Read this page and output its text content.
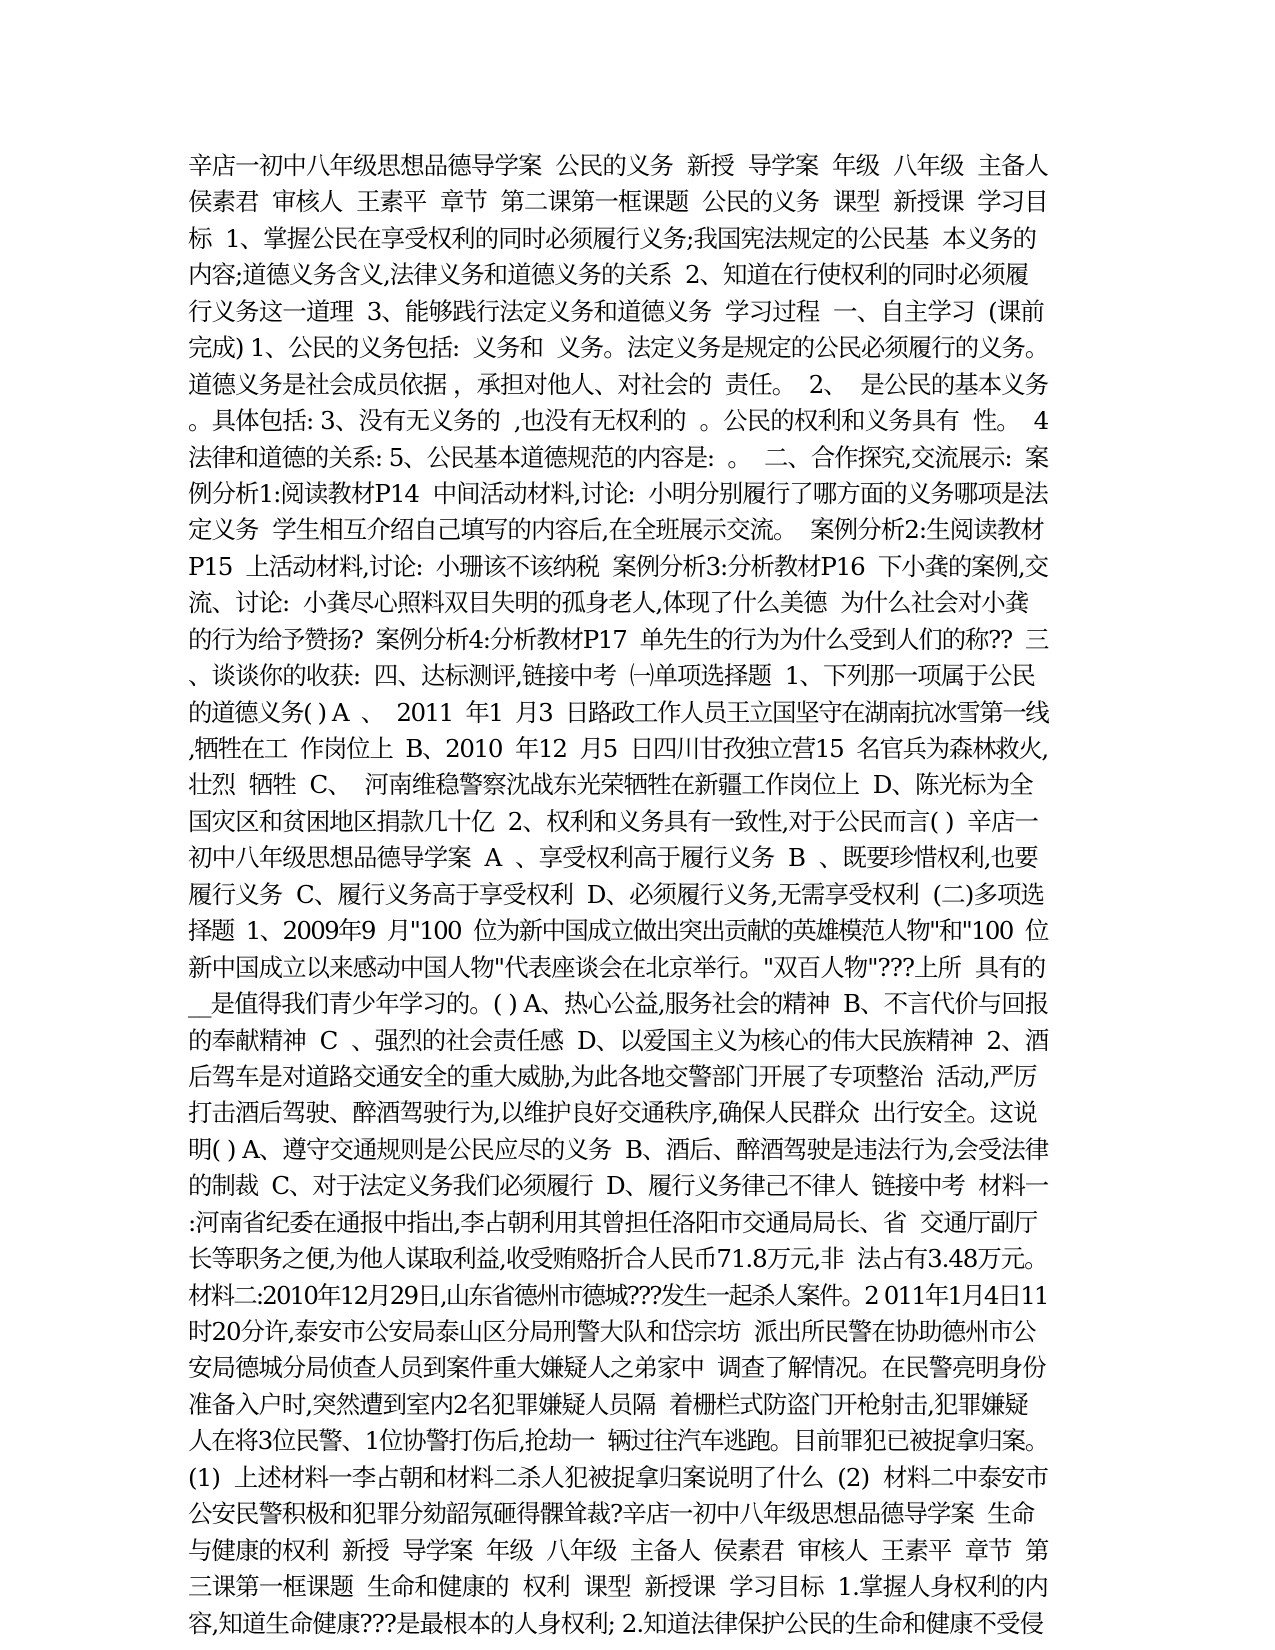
辛店一初中八年级思想品德导学案  公民的义务  新授  导学案  年级  八年级  主备人
侯素君  审核人  王素平  章节  第二课第一框课题  公民的义务  课型  新授课  学习目
标  1、掌握公民在享受权利的同时必须履行义务;我国宪法规定的公民基  本义务的
内容;道德义务含义,法律义务和道德义务的关系  2、知道在行使权利的同时必须履
行义务这一道理  3、能够践行法定义务和道德义务  学习过程  一、自主学习  (课前
完成) 1、公民的义务包括:  义务和  义务。法定义务是规定的公民必须履行的义务。
道德义务是社会成员依据 ，承担对他人、对社会的  责任。  2、  是公民的基本义务
。具体包括: 3、没有无义务的  ,也没有无权利的  。公民的权利和义务具有  性。  4
法律和道德的关系: 5、公民基本道德规范的内容是:  。  二、合作探究,交流展示:  案
例分析1:阅读教材P14  中间活动材料,讨论:  小明分别履行了哪方面的义务哪项是法
定义务  学生相互介绍自己填写的内容后,在全班展示交流。  案例分析2:生阅读教材
P15  上活动材料,讨论:  小珊该不该纳税  案例分析3:分析教材P16  下小龚的案例,交
流、讨论:  小龚尽心照料双目失明的孤身老人,体现了什么美德  为什么社会对小龚
的行为给予赞扬?  案例分析4:分析教材P17  单先生的行为为什么受到人们的称??  三
、谈谈你的收获:  四、达标测评,链接中考  ㈠单项选择题  1、下列那一项属于公民
的道德义务( ) A  、  2011  年1  月3  日路政工作人员王立国坚守在湖南抗冰雪第一线
,牺牲在工  作岗位上  B、2010  年12  月5  日四川甘孜独立营15  名官兵为森林救火,
壮烈  牺牲  C、  河南维稳警察沈战东光荣牺牲在新疆工作岗位上  D、陈光标为全
国灾区和贫困地区捐款几十亿  2、权利和义务具有一致性,对于公民而言( )  辛店一
初中八年级思想品德导学案  A  、享受权利高于履行义务  B  、既要珍惜权利,也要
履行义务  C、履行义务高于享受权利  D、必须履行义务,无需享受权利  (二)多项选
择题  1、2009年9  月"100  位为新中国成立做出突出贡献的英雄模范人物"和"100  位
新中国成立以来感动中国人物"代表座谈会在北京举行。"双百人物"???上所  具有的
__是值得我们青少年学习的。( ) A、热心公益,服务社会的精神  B、不言代价与回报
的奉献精神  C  、强烈的社会责任感  D、以爱国主义为核心的伟大民族精神  2、酒
后驾车是对道路交通安全的重大威胁,为此各地交警部门开展了专项整治  活动,严厉
打击酒后驾驶、醉酒驾驶行为,以维护良好交通秩序,确保人民群众  出行安全。这说
明( ) A、遵守交通规则是公民应尽的义务  B、酒后、醉酒驾驶是违法行为,会受法律
的制裁  C、对于法定义务我们必须履行  D、履行义务律己不律人  链接中考  材料一
:河南省纪委在通报中指出,李占朝利用其曾担任洛阳市交通局局长、省  交通厅副厅
长等职务之便,为他人谋取利益,收受贿赂折合人民币71.8万元,非  法占有3.48万元。
材料二:2010年12月29日,山东省德州市德城???发生一起杀人案件。2 011年1月4日11
时20分许,泰安市公安局泰山区分局刑警大队和岱宗坊  派出所民警在协助德州市公
安局德城分局侦查人员到案件重大嫌疑人之弟家中  调查了解情况。在民警亮明身份
准备入户时,突然遭到室内2名犯罪嫌疑人员隔  着栅栏式防盗门开枪射击,犯罪嫌疑
人在将3位民警、1位协警打伤后,抢劫一  辆过往汽车逃跑。目前罪犯已被捉拿归案。
(1)  上述材料一李占朝和材料二杀人犯被捉拿归案说明了什么  (2)  材料二中泰安市
公安民警积极和犯罪分劾韶氖砸得髁耸裁?辛店一初中八年级思想品德导学案  生命
与健康的权利  新授  导学案  年级  八年级  主备人  侯素君  审核人  王素平  章节  第
三课第一框课题  生命和健康的  权利  课型  新授课  学习目标  1.掌握人身权利的内
容,知道生命健康???是最根本的人身权利; 2.知道法律保护公民的生命和健康不受侵
